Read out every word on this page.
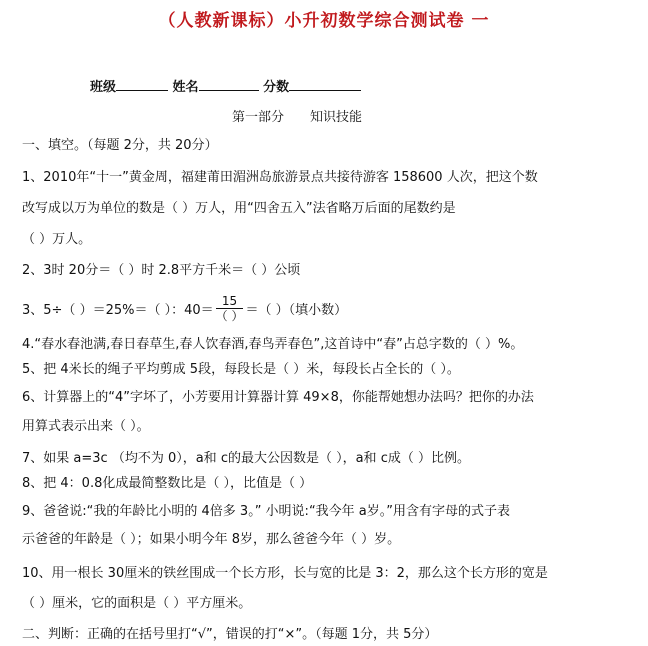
（人教新课标）小升初数学综合测试卷 一
班级	姓名	分数
第一部分 知识技能
一、填空。（每题 2分，共 20分）
1、2010年“十一”黄金周，福建莆田湄洲岛旅游景点共接待游客 158600 人次，把这个数
改写成以万为单位的数是（ ）万人，用“四舍五入”法省略万后面的尾数约是
（ ）万人。
2、3时 20分＝（ ）时 2.8平方千米＝（ ）公顷
3、5÷（ ）＝25%＝（ ）：$40= \frac{15}{( )}$ ＝（ ）（填小数）
4.“春水春池满,春日春草生,春人饮春酒,春鸟弄春色”,这首诗中“春”占总字数的（ ）%。
5、把 4米长的绳子平均剪成 5段，每段长是（ ）米，每段长占全长的（ ）。
6、计算器上的“4”字坏了，小芳要用计算器计算 49×8，你能帮她想办法吗？把你的办法
用算式表示出来（ ）。
7、如果 a=3c （均不为 0），a和 c的最大公因数是（ ），a和 c成（ ）比例。
8、把 4：0.8化成最简整数比是（ ），比值是（ ）
9、爸爸说:“我的年龄比小明的 4倍多 3。” 小明说:“我今年 a岁。”用含有字母的式子表
示爸爸的年龄是（ ）；如果小明今年 8岁，那么爸爸今年（ ）岁。
10、用一根长 30厘米的铁丝围成一个长方形，长与宽的比是 3：2，那么这个长方形的宽是
（ ）厘米，它的面积是（ ）平方厘米。
二、判断：正确的在括号里打“√”，错误的打“×”。（每题 1分，共 5分）
